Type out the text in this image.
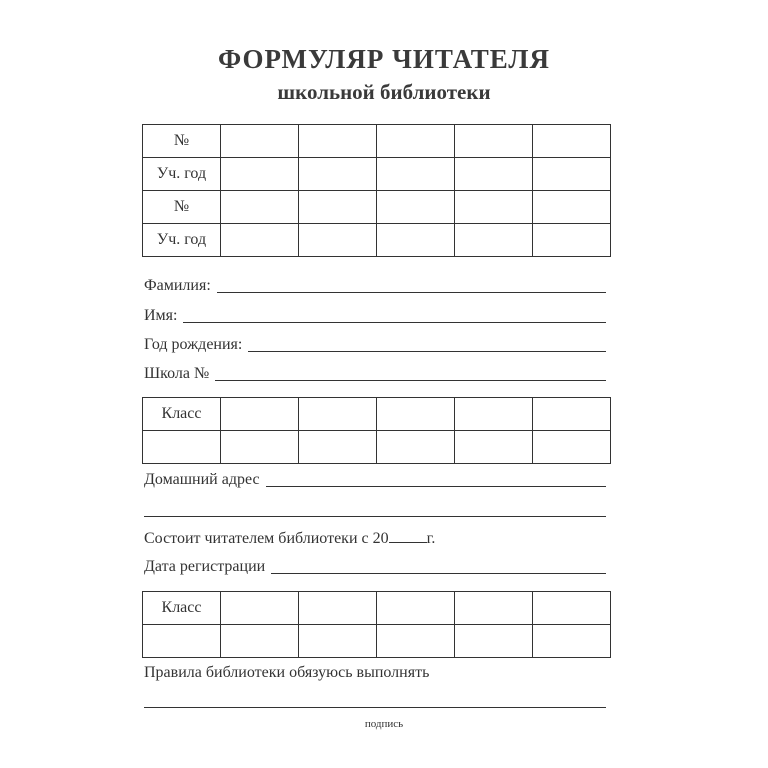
ФОРМУЛЯР ЧИТАТЕЛЯ
школьной библиотеки
№					
Уч. год					
№					
Уч. год					
Фамилия:
Имя:
Год рождения:
Школа №
Класс					

Домашний адрес
Состоит читателем библиотеки с 20 г.
Дата регистрации
Класс					

Правила библиотеки обязуюсь выполнять
подпись
